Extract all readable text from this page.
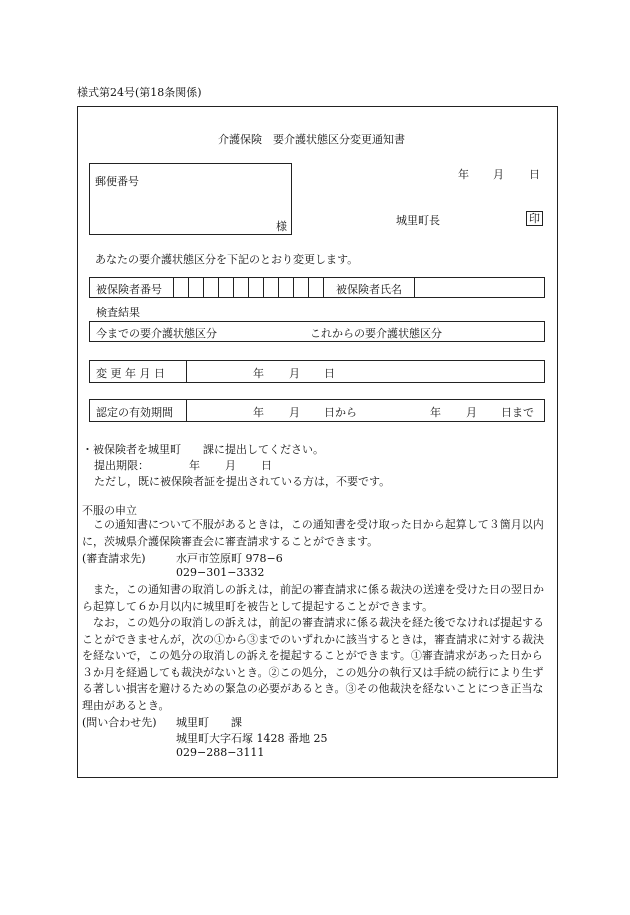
様式第24号(第18条関係)
介護保険　要介護状態区分変更通知書
郵便番号
様
年 月 日
城里町長	印
あなたの要介護状態区分を下記のとおり変更します。
被保険者番号	被保険者氏名
検査結果
今までの要介護状態区分	これからの要介護状態区分
変 更 年 月 日	年 月 日
認定の有効期間	年 月 日から	年 月 日まで
・被保険者を城里町　　課に提出してください。
提出期限：	年 月 日
ただし，既に被保険者証を提出されている方は，不要です。
不服の申立

この通知書について不服があるときは，この通知書を受け取った日から起算して３箇月以内に，茨城県介護保険審査会に審査請求することができます。

(審査請求先)	水戸市笠原町 978−6
029−301−3332

また，この通知書の取消しの訴えは，前記の審査請求に係る裁決の送達を受けた日の翌日から起算して６か月以内に城里町を被告として提起することができます。

なお，この処分の取消しの訴えは，前記の審査請求に係る裁決を経た後でなければ提起することができませんが，次の①から③までのいずれかに該当するときは，審査請求に対する裁決を経ないで，この処分の取消しの訴えを提起することができます。①審査請求があった日から３か月を経過しても裁決がないとき。②この処分，この処分の執行又は手続の続行により生ずる著しい損害を避けるための緊急の必要があるとき。③その他裁決を経ないことにつき正当な理由があるとき。

(問い合わせ先) 城里町　　課
城里町大字石塚 1428 番地 25
029−288−3111
